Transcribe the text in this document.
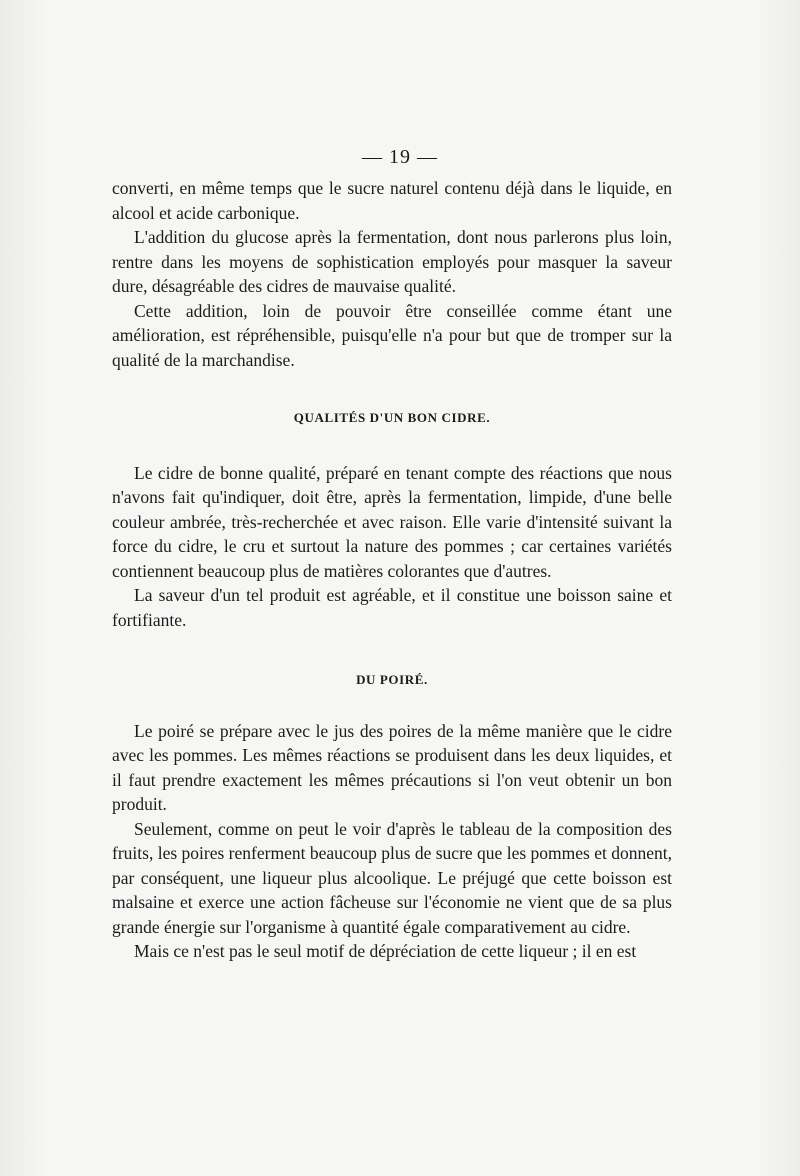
— 19 —

converti, en même temps que le sucre naturel contenu déjà dans le liquide, en alcool et acide carbonique.

L'addition du glucose après la fermentation, dont nous parlerons plus loin, rentre dans les moyens de sophistication employés pour masquer la saveur dure, désagréable des cidres de mauvaise qualité.

Cette addition, loin de pouvoir être conseillée comme étant une amélioration, est répréhensible, puisqu'elle n'a pour but que de tromper sur la qualité de la marchandise.

QUALITÉS D'UN BON CIDRE.

Le cidre de bonne qualité, préparé en tenant compte des réactions que nous n'avons fait qu'indiquer, doit être, après la fermentation, limpide, d'une belle couleur ambrée, très-recherchée et avec raison. Elle varie d'intensité suivant la force du cidre, le cru et surtout la nature des pommes ; car certaines variétés contiennent beaucoup plus de matières colorantes que d'autres.

La saveur d'un tel produit est agréable, et il constitue une boisson saine et fortifiante.

DU POIRÉ.

Le poiré se prépare avec le jus des poires de la même manière que le cidre avec les pommes. Les mêmes réactions se produisent dans les deux liquides, et il faut prendre exactement les mêmes précautions si l'on veut obtenir un bon produit.

Seulement, comme on peut le voir d'après le tableau de la composition des fruits, les poires renferment beaucoup plus de sucre que les pommes et donnent, par conséquent, une liqueur plus alcoolique. Le préjugé que cette boisson est malsaine et exerce une action fâcheuse sur l'économie ne vient que de sa plus grande énergie sur l'organisme à quantité égale comparativement au cidre.

Mais ce n'est pas le seul motif de dépréciation de cette liqueur ; il en est
